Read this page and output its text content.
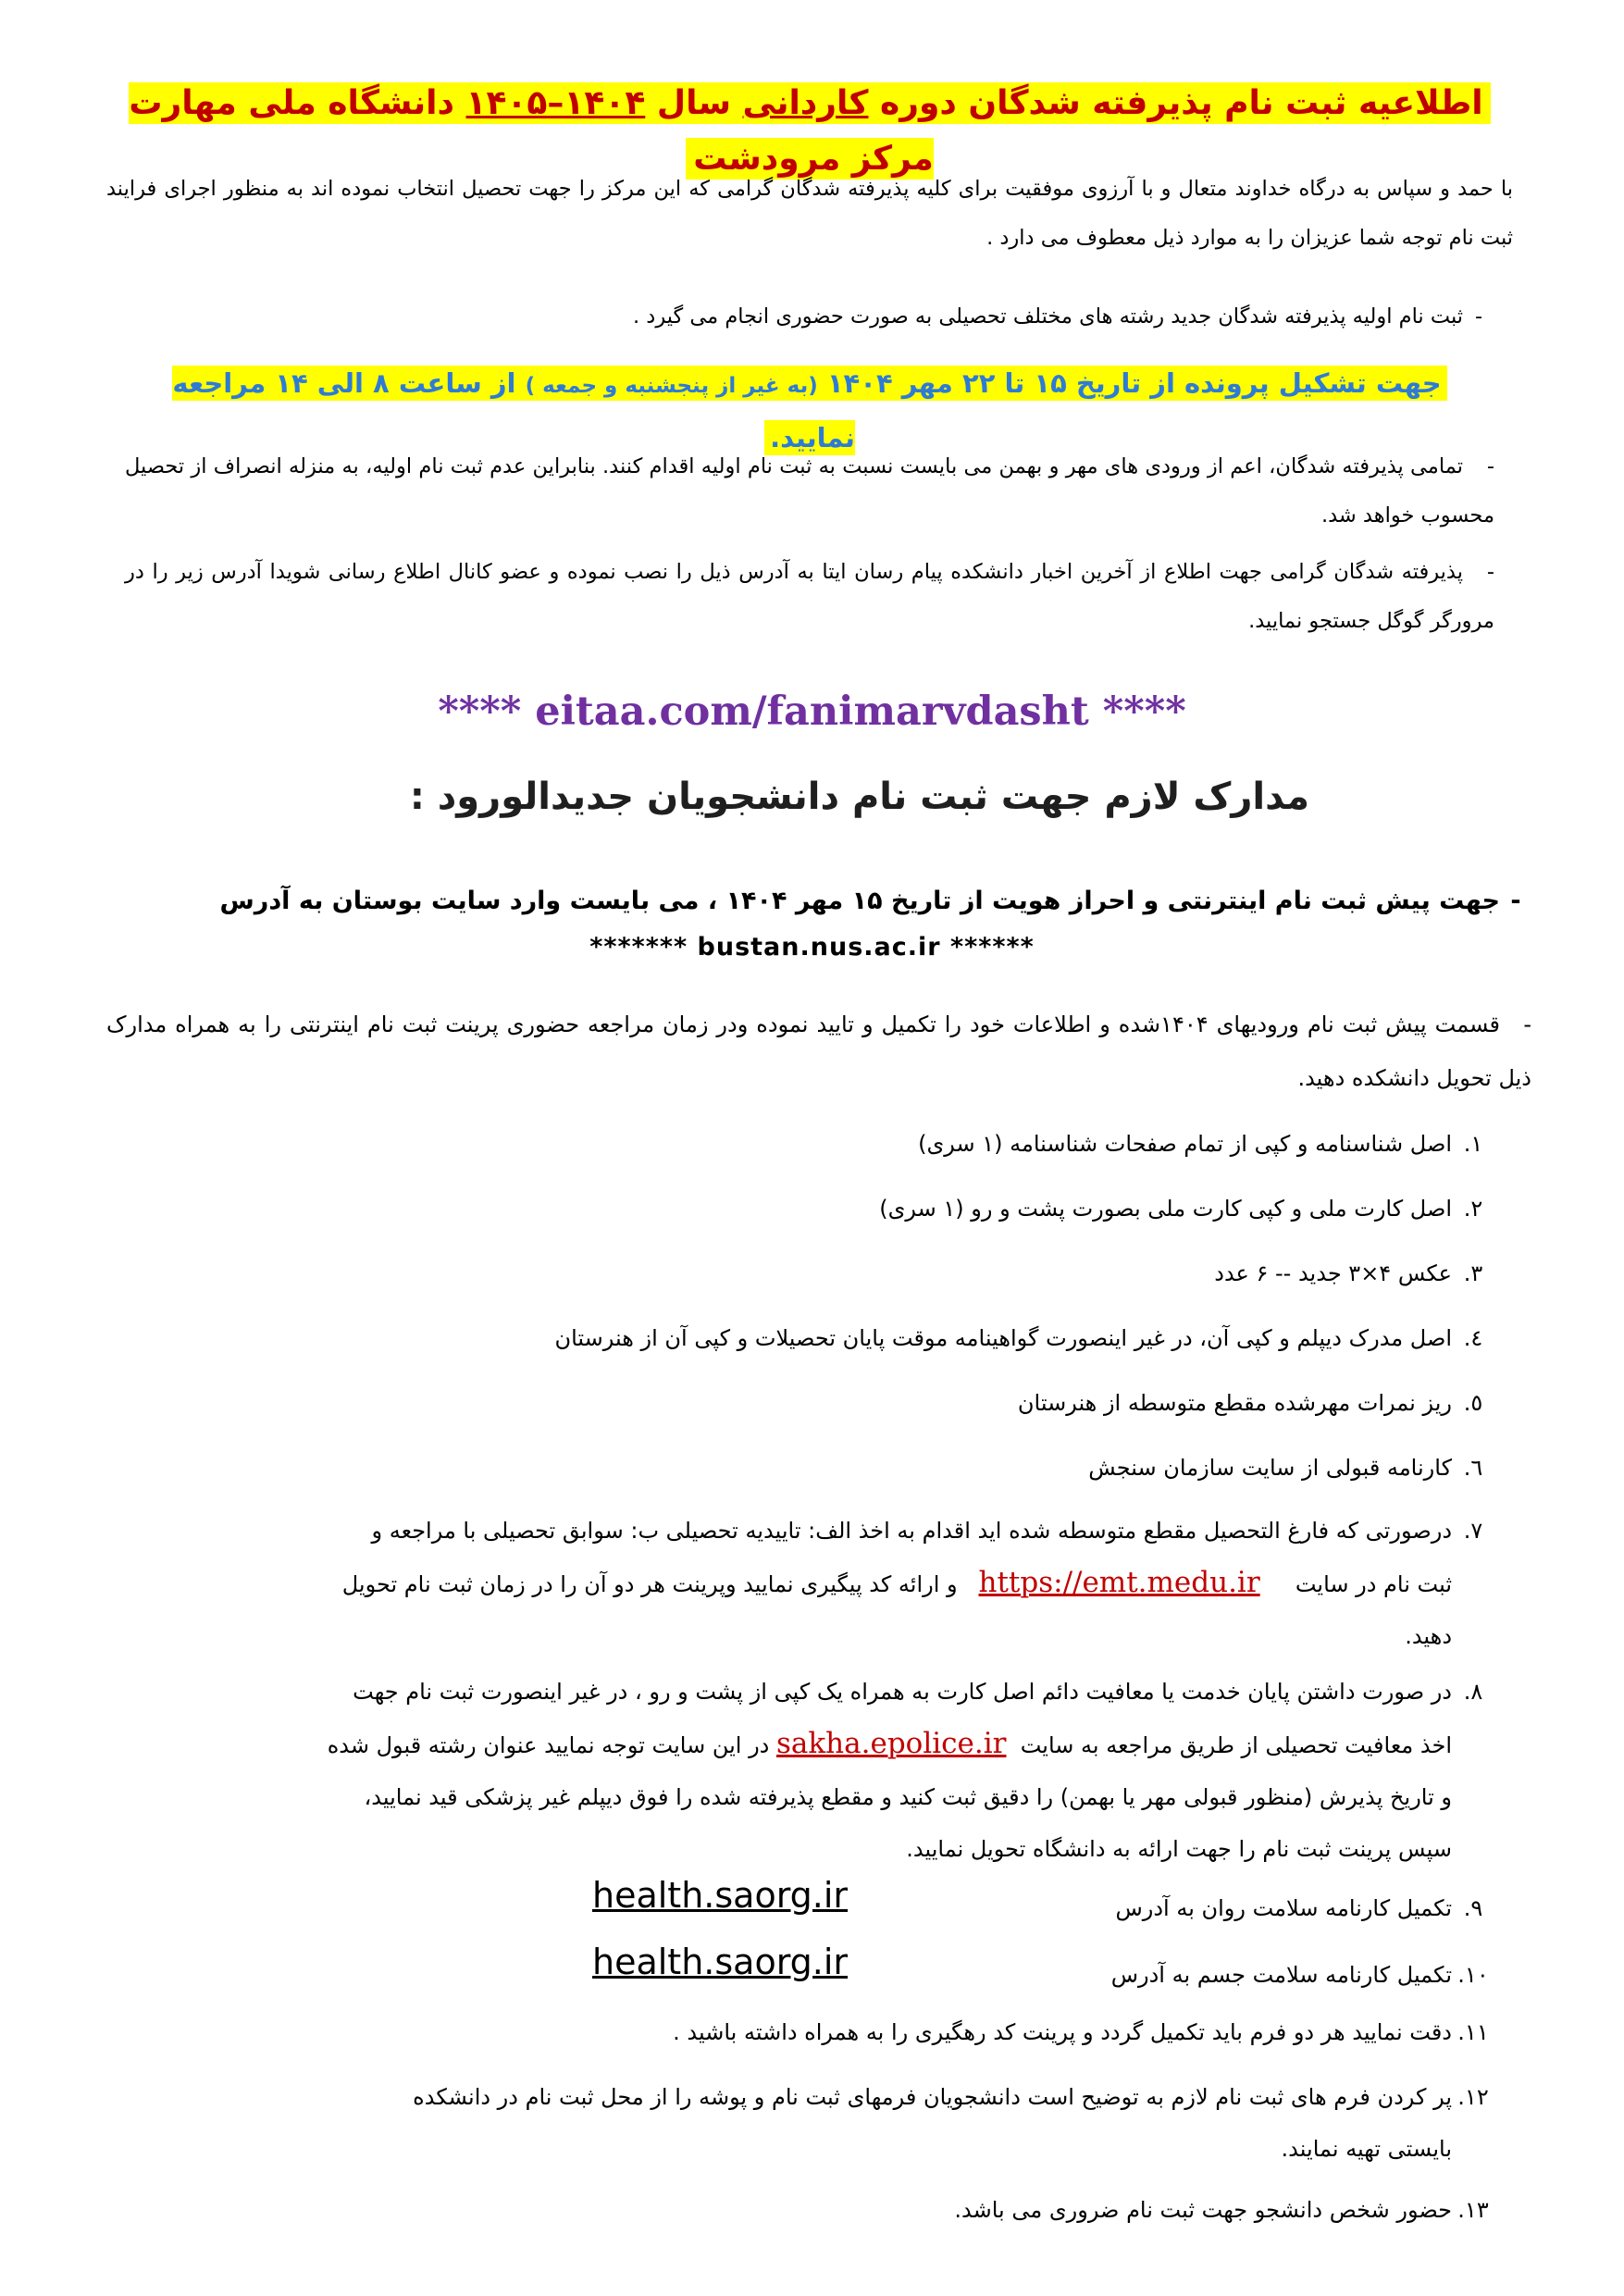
اطلاعیه ثبت نام پذیرفته شدگان دوره کاردانی سال ۱۴۰۴–۱۴۰۵ دانشگاه ملی مهارت مرکز مرودشت
با حمد و سپاس به درگاه خداوند متعال و با آرزوی موفقیت برای کلیه پذیرفته شدگان گرامی که این مرکز را جهت تحصیل انتخاب نموده اند به منظور اجرای فرایند ثبت نام توجه شما عزیزان را به موارد ذیل معطوف می دارد .
-ثبت نام اولیه پذیرفته شدگان جدید رشته های مختلف تحصیلی به صورت حضوری انجام می گیرد .
جهت تشکیل پرونده از تاریخ ۱۵ تا ۲۲ مهر ۱۴۰۴ (به غیر از پنجشنبه و جمعه ) از ساعت ۸ الی ۱۴ مراجعه نمایید.
-تمامی پذیرفته شدگان، اعم از ورودی های مهر و بهمن می بایست نسبت به ثبت نام اولیه اقدام کنند. بنابراین عدم ثبت نام اولیه، به منزله انصراف از تحصیل محسوب خواهد شد.
-پذیرفته شدگان گرامی جهت اطلاع از آخرین اخبار دانشکده پیام رسان ایتا به آدرس ذیل را نصب نموده و عضو کانال اطلاع رسانی شویدا آدرس زیر را در مرورگر گوگل جستجو نمایید.
**** eitaa.com/fanimarvdasht ****
مدارک لازم جهت ثبت نام دانشجویان جدیدالورود :
-جهت پیش ثبت نام اینترنتی و احراز هویت از تاریخ ۱۵ مهر ۱۴۰۴ ، می بایست وارد سایت بوستان به آدرس
******* bustan.nus.ac.ir ******
-قسمت پیش ثبت نام ورودیهای ۱۴۰۴شده و اطلاعات خود را تکمیل و تایید نموده ودر زمان مراجعه حضوری پرینت ثبت نام اینترنتی را به همراه مدارک ذیل تحویل دانشکده دهید.
۱.اصل شناسنامه و کپی از تمام صفحات شناسنامه (۱ سری)
۲.اصل کارت ملی و کپی کارت ملی بصورت پشت و رو (۱ سری)
۳.عکس ۴×۳ جدید -- ۶ عدد
٤.اصل مدرک دیپلم و کپی آن، در غیر اینصورت گواهینامه موقت پایان تحصیلات و کپی آن از هنرستان
٥.ریز نمرات مهرشده مقطع متوسطه از هنرستان
٦.کارنامه قبولی از سایت سازمان سنجش
۷.درصورتی که فارغ التحصیل مقطع متوسطه شده اید اقدام به اخذ الف: تاییدیه تحصیلی ب: سوابق تحصیلی با مراجعه و
ثبت نام در سایت     https://emt.medu.ir   و ارائه کد پیگیری نمایید وپرینت هر دو آن را در زمان ثبت نام تحویل
دهید.
۸.در صورت داشتن پایان خدمت یا معافیت دائم اصل کارت به همراه یک کپی از پشت و رو ، در غیر اینصورت ثبت نام جهت
اخذ معافیت تحصیلی از طریق مراجعه به سایت  sakha.epolice.ir در این سایت توجه نمایید عنوان رشته قبول شده
و تاریخ پذیرش (منظور قبولی مهر یا بهمن) را دقیق ثبت کنید و مقطع پذیرفته شده را فوق دیپلم غیر پزشکی قید نمایید،
سپس پرینت ثبت نام را جهت ارائه به دانشگاه تحویل نمایید.
۹.تکمیل کارنامه سلامت روان به آدرس
health.saorg.ir
۱۰.تکمیل کارنامه سلامت جسم به آدرس
health.saorg.ir
۱۱.دقت نمایید هر دو فرم باید تکمیل گردد و پرینت کد رهگیری را به همراه داشته باشید .
۱۲.پر کردن فرم های ثبت نام لازم به توضیح است دانشجویان فرمهای ثبت نام و پوشه را از محل ثبت نام در دانشکده
بایستی تهیه نمایند.
۱۳.حضور شخص دانشجو جهت ثبت نام ضروری می باشد.
